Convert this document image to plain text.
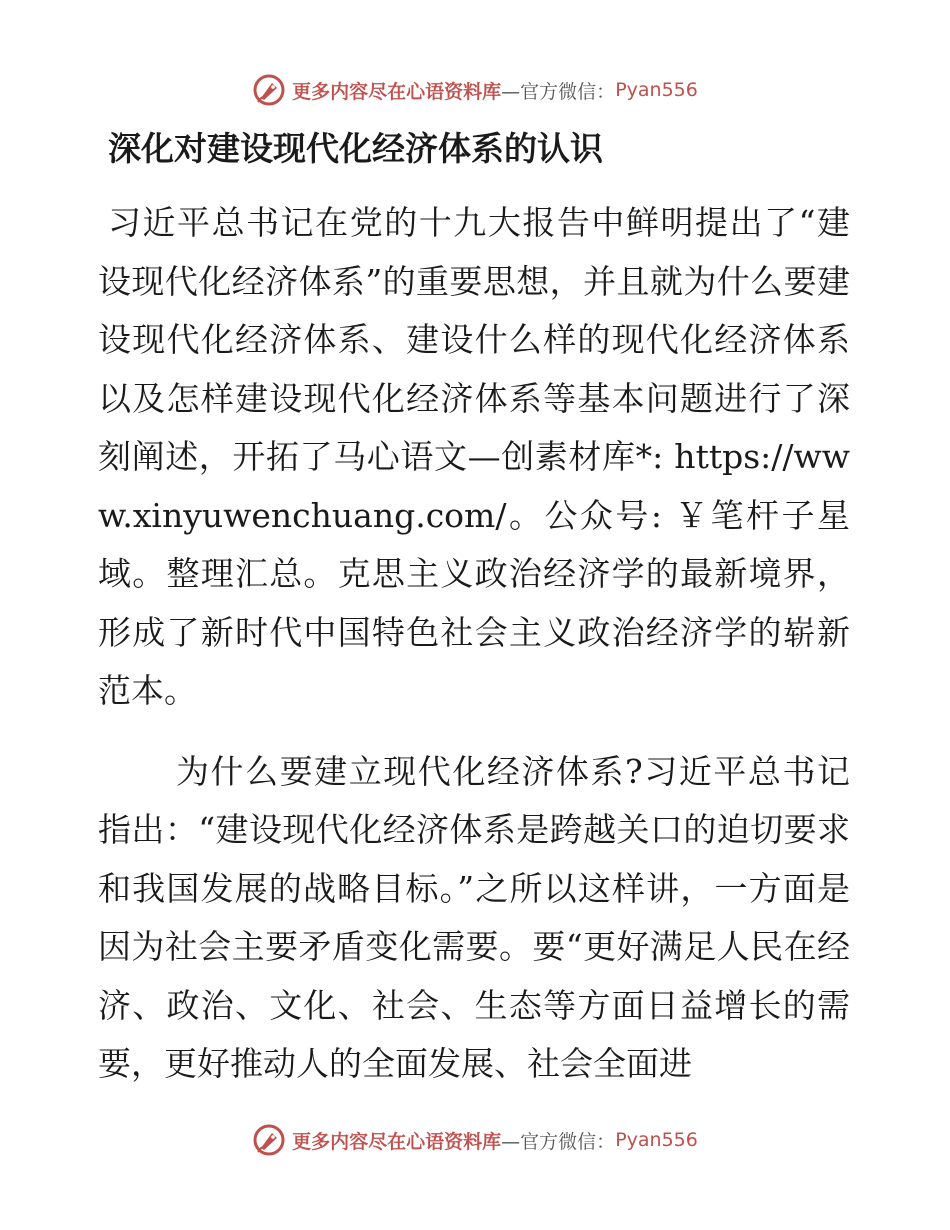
更多内容尽在心语资料库 —官方微信： Pyan556
深化对建设现代化经济体系的认识

习近平总书记在党的十九大报告中鲜明提出了“建设现代化经济体系”的重要思想，并且就为什么要建设现代化经济体系、建设什么样的现代化经济体系以及怎样建设现代化经济体系等基本问题进行了深刻阐述，开拓了马心语文—创素材库*: https://www.xinyuwenchuang.com/。公众号: ￥笔杆子星域。整理汇总。克思主义政治经济学的最新境界，形成了新时代中国特色社会主义政治经济学的崭新范本。

为什么要建立现代化经济体系?习近平总书记指出：“建设现代化经济体系是跨越关口的迫切要求和我国发展的战略目标。”之所以这样讲，一方面是因为社会主要矛盾变化需要。要“更好满足人民在经济、政治、文化、社会、生态等方面日益增长的需要，更好推动人的全面发展、社会全面进

更多内容尽在心语资料库 —官方微信： Pyan556
